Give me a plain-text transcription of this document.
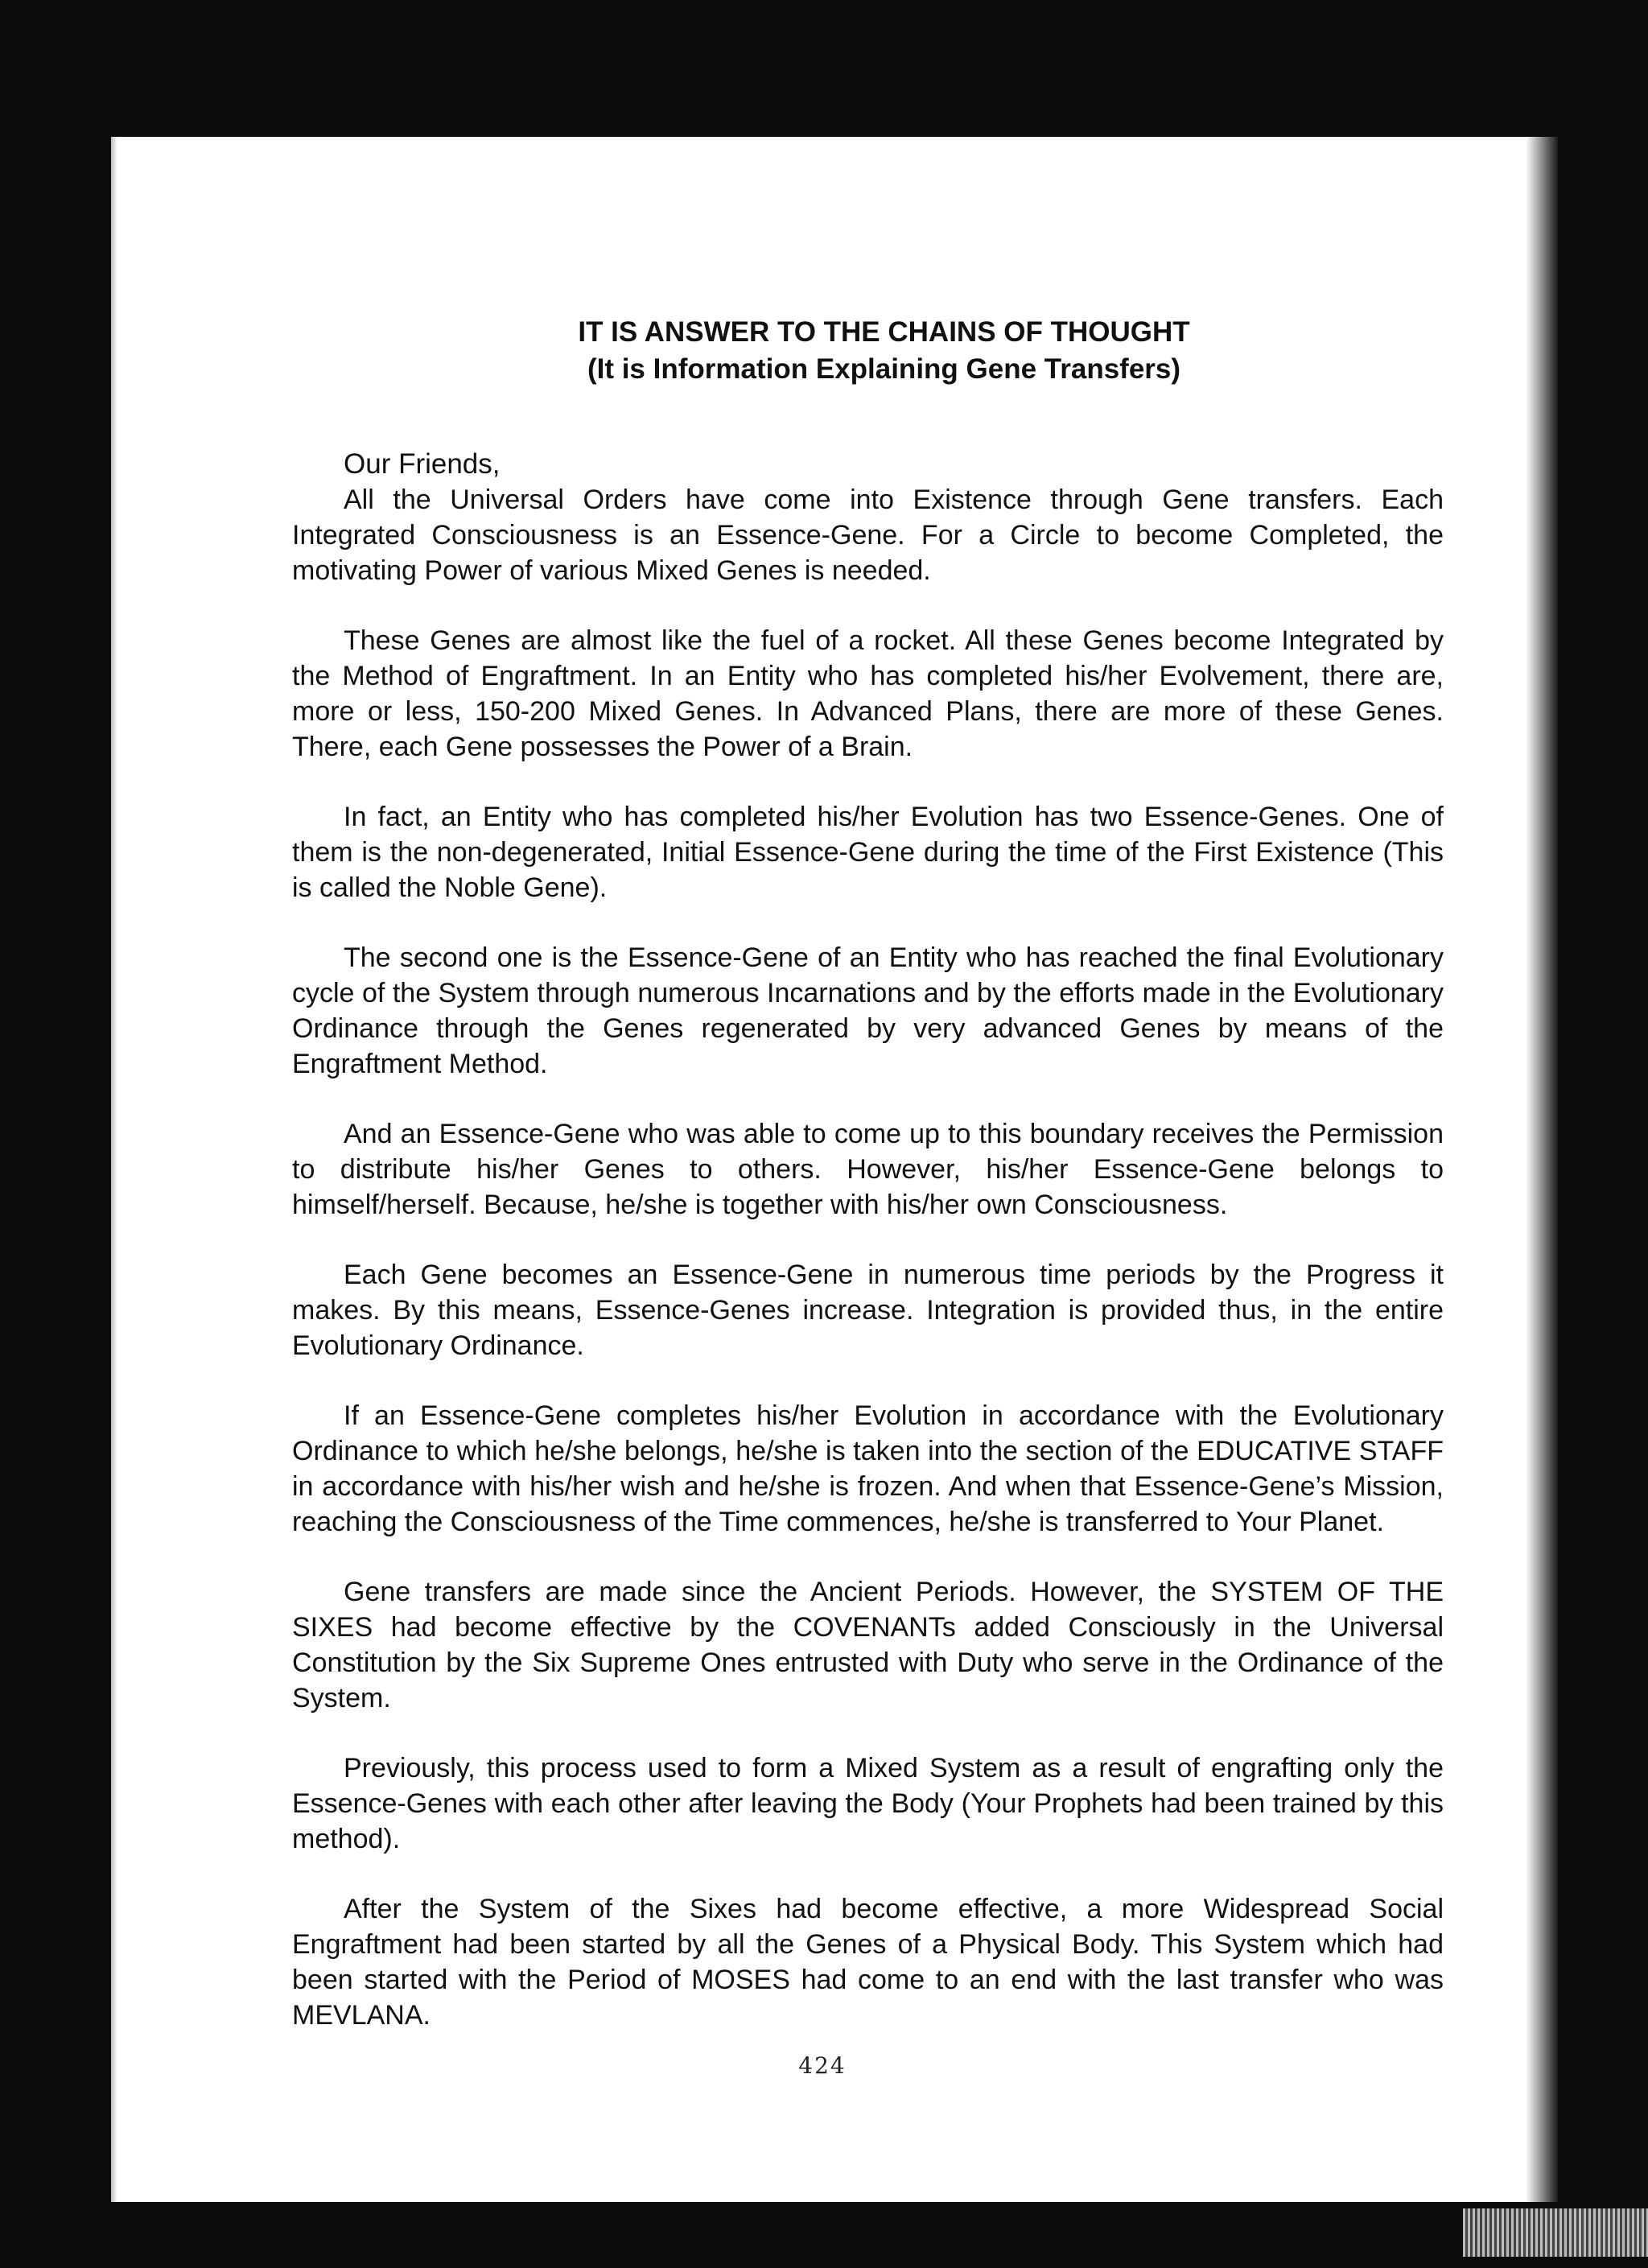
IT IS ANSWER TO THE CHAINS OF THOUGHT
(It is Information Explaining Gene Transfers)

Our Friends,

All the Universal Orders have come into Existence through Gene transfers. Each Integrated Consciousness is an Essence-Gene. For a Circle to become Completed, the motivating Power of various Mixed Genes is needed.

These Genes are almost like the fuel of a rocket. All these Genes become Integrated by the Method of Engraftment. In an Entity who has completed his/her Evolvement, there are, more or less, 150-200 Mixed Genes. In Advanced Plans, there are more of these Genes. There, each Gene possesses the Power of a Brain.

In fact, an Entity who has completed his/her Evolution has two Essence-Genes. One of them is the non-degenerated, Initial Essence-Gene during the time of the First Existence (This is called the Noble Gene).

The second one is the Essence-Gene of an Entity who has reached the final Evolutionary cycle of the System through numerous Incarnations and by the efforts made in the Evolutionary Ordinance through the Genes regenerated by very advanced Genes by means of the Engraftment Method.

And an Essence-Gene who was able to come up to this boundary receives the Permission to distribute his/her Genes to others. However, his/her Essence-Gene belongs to himself/herself. Because, he/she is together with his/her own Consciousness.

Each Gene becomes an Essence-Gene in numerous time periods by the Progress it makes. By this means, Essence-Genes increase. Integration is provided thus, in the entire Evolutionary Ordinance.

If an Essence-Gene completes his/her Evolution in accordance with the Evolutionary Ordinance to which he/she belongs, he/she is taken into the section of the EDUCATIVE STAFF in accordance with his/her wish and he/she is frozen. And when that Essence-Gene’s Mission, reaching the Consciousness of the Time commences, he/she is transferred to Your Planet.

Gene transfers are made since the Ancient Periods. However, the SYSTEM OF THE SIXES had become effective by the COVENANTs added Consciously in the Universal Constitution by the Six Supreme Ones entrusted with Duty who serve in the Ordinance of the System.

Previously, this process used to form a Mixed System as a result of engrafting only the Essence-Genes with each other after leaving the Body (Your Prophets had been trained by this method).

After the System of the Sixes had become effective, a more Widespread Social Engraftment had been started by all the Genes of a Physical Body. This System which had been started with the Period of MOSES had come to an end with the last transfer who was MEVLANA.

424
